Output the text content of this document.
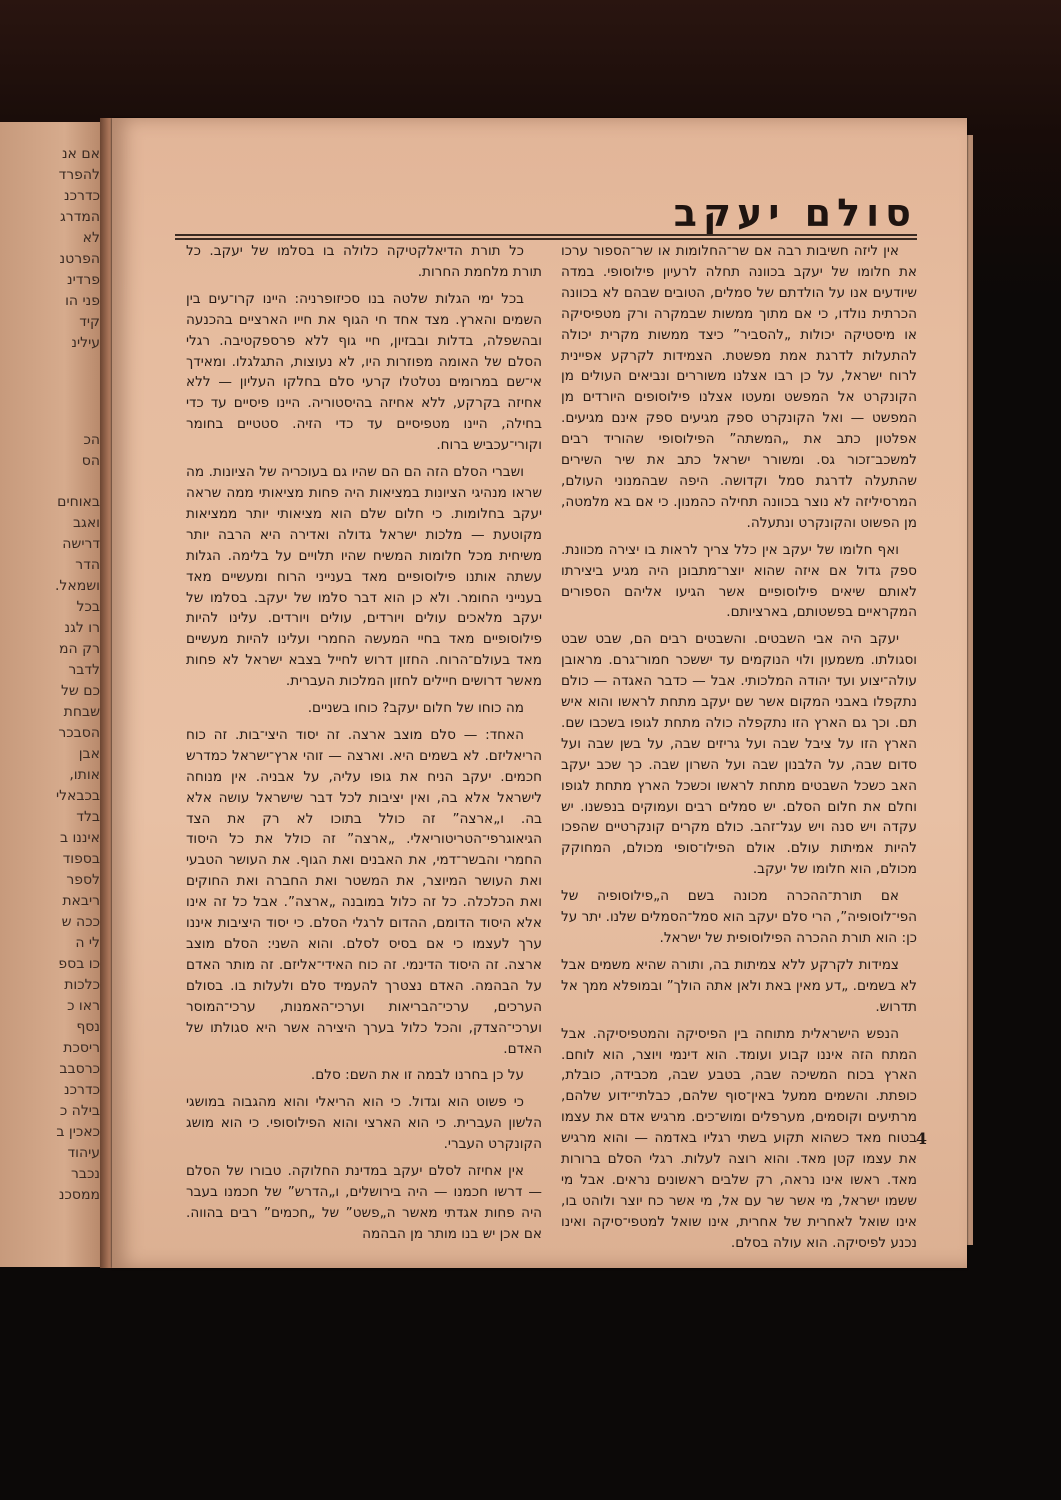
אם אנ
להפרד
כדרכנ
המדרג
לא
הפרטנ
פרדינ
פני הו
קיד
עילינ
הכ
הס
באוחים
ואגב
דרישה
הדר
ושמאל.
בכל
רו לגנ
רק המ
לדבר
כם של
שבחת
הסבכר
אבן
אותו,
בכבאלי
בלד
איננו ב
בספוד
לספר
ריבאת
ככה ש
לי ה
כו בספ
כלכות
ראו כ
נסף
ריסכת
כרסבב
כדרכנ
בילה כ
כאכין ב
עיהוד
נכבר
ממסכנ
סולם יעקב

אין ליזה חשיבות רבה אם שר־החלומות או שר־הספור ערכו את חלומו של יעקב בכוונה תחלה לרעיון פילוסופי. במדה שיודעים אנו על הולדתם של סמלים, הטובים שבהם לא בכוונה הכרתית נולדו, כי אם מתוך ממשות שבמקרה ורק מטפיסיקה או מיסטיקה יכולות „להסביר” כיצד ממשות מקרית יכולה להתעלות לדרגת אמת מפשטת. הצמידות לקרקע אפיינית לרוח ישראל, על כן רבו אצלנו משוררים ונביאים העולים מן הקונקרט אל המפשט ומעטו אצלנו פילוסופים היורדים מן המפשט — ואל הקונקרט ספק מגיעים ספק אינם מגיעים. אפלטון כתב את „המשתה” הפילוסופי שהוריד רבים למשכב־זכור גס. ומשורר ישראל כתב את שיר השירים שהתעלה לדרגת סמל וקדושה. היפה שבהמנוני העולם, המרסיליזה לא נוצר בכוונה תחילה כהמנון. כי אם בא מלמטה, מן הפשוט והקונקרט ונתעלה.

ואף חלומו של יעקב אין כלל צריך לראות בו יצירה מכוונת. ספק גדול אם איזה שהוא יוצר־מתבונן היה מגיע ביצירתו לאותם שיאים פילוסופיים אשר הגיעו אליהם הספורים המקראיים בפשטותם, בארציותם.

יעקב היה אבי השבטים. והשבטים רבים הם, שבט שבט וסגולתו. משמעון ולוי הנוקמים עד יששכר חמור־גרם. מראובן עולה־יצוע ועד יהודה המלכותי. אבל — כדבר האגדה — כולם נתקפלו באבני המקום אשר שם יעקב מתחת לראשו והוא איש תם. וכך גם הארץ הזו נתקפלה כולה מתחת לגופו בשכבו שם. הארץ הזו על ציבל שבה ועל גריזים שבה, על בשן שבה ועל סדום שבה, על הלבנון שבה ועל השרון שבה. כך שכב יעקב האב כשכל השבטים מתחת לראשו וכשכל הארץ מתחת לגופו וחלם את חלום הסלם. יש סמלים רבים ועמוקים בנפשנו. יש עקדה ויש סנה ויש עגל־זהב. כולם מקרים קונקרטיים שהפכו להיות אמיתות עולם. אולם הפילו־סופי מכולם, המחוקק מכולם, הוא חלומו של יעקב.

אם תורת־ההכרה מכונה בשם ה„פילוסופיה של הפי־לוסופיה”, הרי סלם יעקב הוא סמל־הסמלים שלנו. יתר על כן: הוא תורת ההכרה הפילוסופית של ישראל.

צמידות לקרקע ללא צמיתות בה, ותורה שהיא משמים אבל לא בשמים. „דע מאין באת ולאן אתה הולך” ובמופלא ממך אל תדרוש.

הנפש הישראלית מתוחה בין הפיסיקה והמטפיסיקה. אבל המתח הזה איננו קבוע ועומד. הוא דינמי ויוצר, הוא לוחם. הארץ בכוח המשיכה שבה, בטבע שבה, מכבידה, כובלת, כופתת. והשמים ממעל באין־סוף שלהם, כבלתי־ידוע שלהם, מרתיעים וקוסמים, מערפלים ומוש־כים. מרגיש אדם את עצמו בטוח מאד כשהוא תקוע בשתי רגליו באדמה — והוא מרגיש את עצמו קטן מאד. והוא רוצה לעלות. רגלי הסלם ברורות מאד. ראשו אינו נראה, רק שלבים ראשונים נראים. אבל מי ששמו ישראל, מי אשר שר עם אל, מי אשר כח יוצר ולוהט בו, אינו שואל לאחרית של אחרית, אינו שואל למטפי־סיקה ואינו נכנע לפיסיקה. הוא עולה בסלם.

כל תורת הדיאלקטיקה כלולה בו בסלמו של יעקב. כל תורת מלחמת החרות.

בכל ימי הגלות שלטה בנו סכיזופרניה: היינו קרו־עים בין השמים והארץ. מצד אחד חי הגוף את חייו הארציים בהכנעה ובהשפלה, בדלות ובבזיון, חיי גוף ללא פרספקטיבה. רגלי הסלם של האומה מפוזרות היו, לא נעוצות, התגלגלו. ומאידך אי־שם במרומים נטלטלו קרעי סלם בחלקו העליון — ללא אחיזה בקרקע, ללא אחיזה בהיסטוריה. היינו פיסיים עד כדי בחילה, היינו מטפיסיים עד כדי הזיה. סטטיים בחומר וקורי־עכביש ברוח.

ושברי הסלם הזה הם הם שהיו גם בעוכריה של הציונות. מה שראו מנהיגי הציונות במציאות היה פחות מציאותי ממה שראה יעקב בחלומות. כי חלום שלם הוא מציאותי יותר ממציאות מקוטעת — מלכות ישראל גדולה ואדירה היא הרבה יותר משיחית מכל חלומות המשיח שהיו תלויים על בלימה. הגלות עשתה אותנו פילוסופיים מאד בענייני הרוח ומעשיים מאד בענייני החומר. ולא כן הוא דבר סלמו של יעקב. בסלמו של יעקב מלאכים עולים ויורדים, עולים ויורדים. עלינו להיות פילוסופיים מאד בחיי המעשה החמרי ועלינו להיות מעשיים מאד בעולם־הרוח. החזון דרוש לחייל בצבא ישראל לא פחות מאשר דרושים חיילים לחזון המלכות העברית.

מה כוחו של חלום יעקב? כוחו בשניים.

האחד: — סלם מוצב ארצה. זה יסוד היצי־בות. זה כוח הריאליזם. לא בשמים היא. וארצה — זוהי ארץ־ישראל כמדרש חכמים. יעקב הניח את גופו עליה, על אבניה. אין מנוחה לישראל אלא בה, ואין יציבות לכל דבר שישראל עושה אלא בה. ו„ארצה” זה כולל בתוכו לא רק את הצד הגיאוגרפי־הטריטוריאלי. „ארצה” זה כולל את כל היסוד החמרי והבשר־דמי, את האבנים ואת הגוף. את העושר הטבעי ואת העושר המיוצר, את המשטר ואת החברה ואת החוקים ואת הכלכלה. כל זה כלול במובנה „ארצה”. אבל כל זה אינו אלא היסוד הדומם, ההדום לרגלי הסלם. כי יסוד היציבות איננו ערך לעצמו כי אם בסיס לסלם. והוא השני: הסלם מוצב ארצה. זה היסוד הדינמי. זה כוח האידי־אליזם. זה מותר האדם על הבהמה. האדם נצטרך להעמיד סלם ולעלות בו. בסולם הערכים, ערכי־הבריאות וערכי־האמנות, ערכי־המוסר וערכי־הצדק, והכל כלול בערך היצירה אשר היא סגולתו של האדם.

על כן בחרנו לבמה זו את השם: סלם.

כי פשוט הוא וגדול. כי הוא הריאלי והוא מהגבוה במושגי הלשון העברית. כי הוא הארצי והוא הפילוסופי. כי הוא מושג הקונקרט העברי.

אין אחיזה לסלם יעקב במדינת החלוקה. טבורו של הסלם — דרשו חכמנו — היה בירושלים, ו„הדרש” של חכמנו בעבר היה פחות אגדתי מאשר ה„פשט” של „חכמים” רבים בהווה. אם אכן יש בנו מותר מן הבהמה

4
